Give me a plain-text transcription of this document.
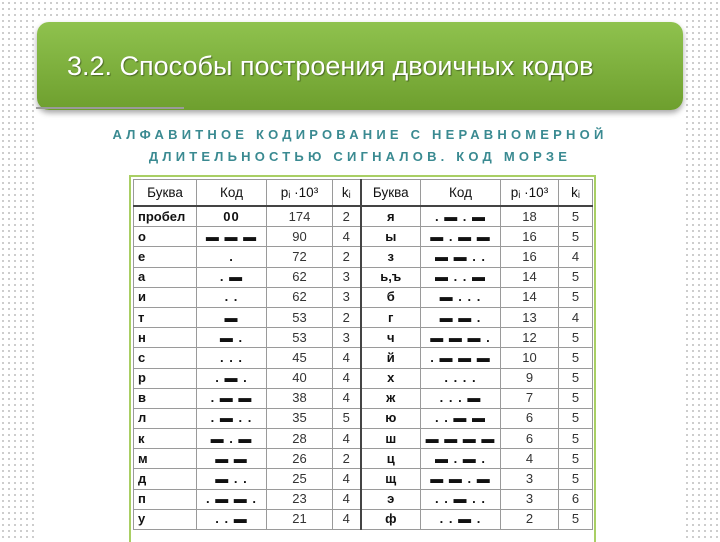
3.2. Способы построения двоичных кодов
АЛФАВИТНОЕ КОДИРОВАНИЕ С НЕРАВНОМЕРНОЙ
ДЛИТЕЛЬНОСТЬЮ СИГНАЛОВ. КОД МОРЗЕ
Буква	Код	pᵢ ·10³	kᵢ	Буква	Код	pᵢ ·10³	kᵢ
пробел	00	174	2	я	. ▬ . ▬	18	5
о	▬ ▬ ▬	90	4	ы	▬ . ▬ ▬	16	5
е	.	72	2	з	▬ ▬ . .	16	4
а	. ▬	62	3	ь,ъ	▬ . . ▬	14	5
и	. .	62	3	б	▬ . . .	14	5
т	▬	53	2	г	▬ ▬ .	13	4
н	▬ .	53	3	ч	▬ ▬ ▬ .	12	5
с	. . .	45	4	й	. ▬ ▬ ▬	10	5
р	. ▬ .	40	4	х	. . . .	9	5
в	. ▬ ▬	38	4	ж	. . . ▬	7	5
л	. ▬ . .	35	5	ю	. . ▬ ▬	6	5
к	▬ . ▬	28	4	ш	▬ ▬ ▬ ▬	6	5
м	▬ ▬	26	2	ц	▬ . ▬ .	4	5
д	▬ . .	25	4	щ	▬ ▬ . ▬	3	5
п	. ▬ ▬ .	23	4	э	. . ▬ . .	3	6
у	. . ▬	21	4	ф	. . ▬ .	2	5
